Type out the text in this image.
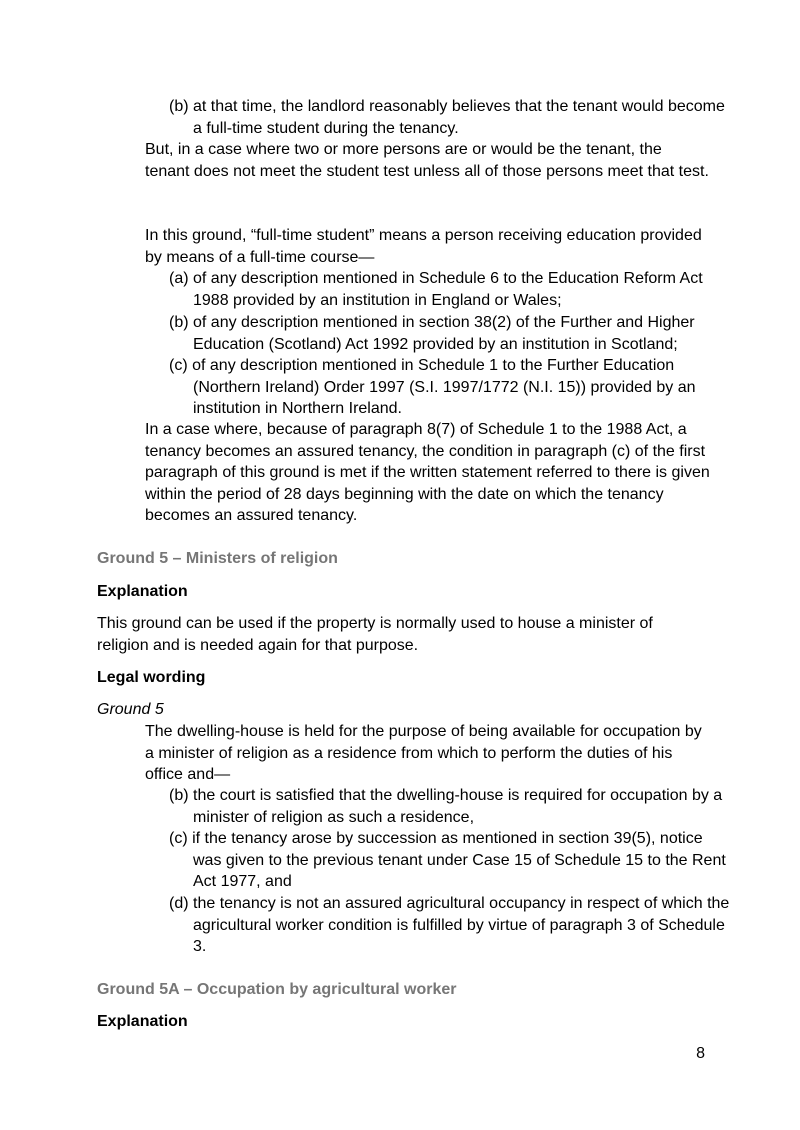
(b) at that time, the landlord reasonably believes that the tenant would become a full-time student during the tenancy.

But, in a case where two or more persons are or would be the tenant, the tenant does not meet the student test unless all of those persons meet that test.

In this ground, “full-time student” means a person receiving education provided by means of a full-time course—

(a) of any description mentioned in Schedule 6 to the Education Reform Act 1988 provided by an institution in England or Wales;

(b) of any description mentioned in section 38(2) of the Further and Higher Education (Scotland) Act 1992 provided by an institution in Scotland;

(c) of any description mentioned in Schedule 1 to the Further Education (Northern Ireland) Order 1997 (S.I. 1997/1772 (N.I. 15)) provided by an institution in Northern Ireland.

In a case where, because of paragraph 8(7) of Schedule 1 to the 1988 Act, a tenancy becomes an assured tenancy, the condition in paragraph (c) of the first paragraph of this ground is met if the written statement referred to there is given within the period of 28 days beginning with the date on which the tenancy becomes an assured tenancy.

Ground 5 – Ministers of religion
Explanation

This ground can be used if the property is normally used to house a minister of religion and is needed again for that purpose.

Legal wording

Ground 5

The dwelling-house is held for the purpose of being available for occupation by a minister of religion as a residence from which to perform the duties of his office and—

(b) the court is satisfied that the dwelling-house is required for occupation by a minister of religion as such a residence,

(c) if the tenancy arose by succession as mentioned in section 39(5), notice was given to the previous tenant under Case 15 of Schedule 15 to the Rent Act 1977, and

(d) the tenancy is not an assured agricultural occupancy in respect of which the agricultural worker condition is fulfilled by virtue of paragraph 3 of Schedule 3.

Ground 5A – Occupation by agricultural worker
Explanation

8
